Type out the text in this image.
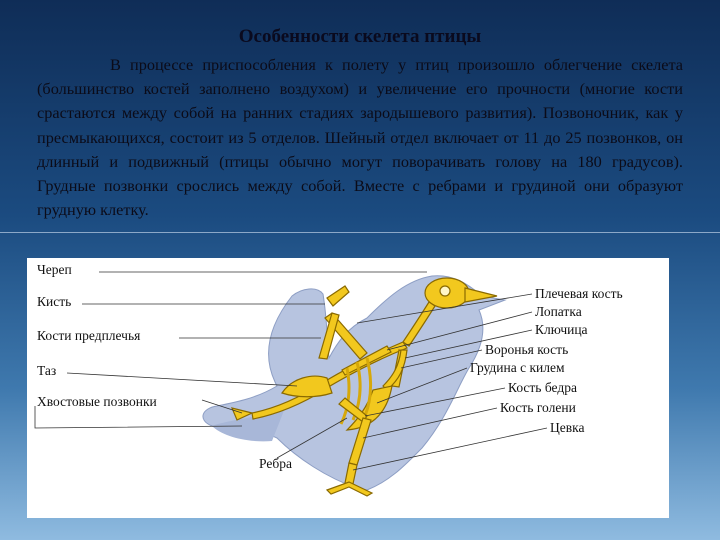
Особенности скелета птицы

В процессе приспособления к полету у птиц произошло облегчение скелета (большинство костей заполнено воздухом) и увеличение его прочности (многие кости срастаются между собой на ранних стадиях зародышевого развития). Позвоночник, как у пресмыкающихся, состоит из 5 отделов. Шейный отдел включает от 11 до 25 позвонков, он длинный и подвижный (птицы обычно могут поворачивать голову на 180 градусов). Грудные позвонки срослись между собой. Вместе с ребрами и грудиной они образуют грудную клетку.

Череп
Кисть
Кости предплечья
Таз
Хвостовые позвонки
Ребра
Плечевая кость
Лопатка
Ключица
Воронья кость
Грудина с килем
Кость бедра
Кость голени
Цевка
